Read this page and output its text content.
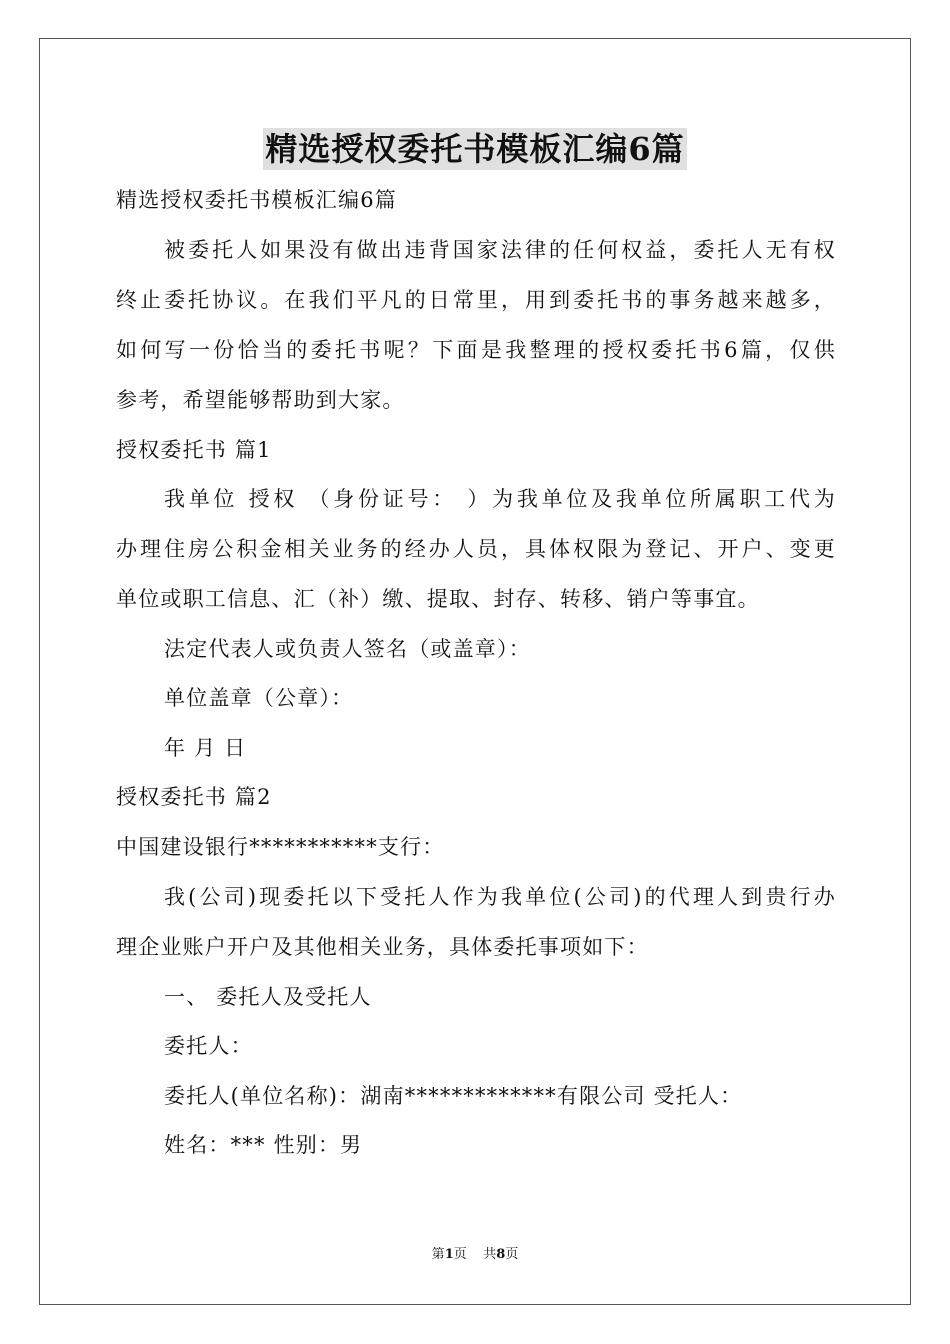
精选授权委托书模板汇编6篇
精选授权委托书模板汇编6篇
被委托人如果没有做出违背国家法律的任何权益，委托人无有权
终止委托协议。在我们平凡的日常里，用到委托书的事务越来越多，
如何写一份恰当的委托书呢？下面是我整理的授权委托书6篇，仅供
参考，希望能够帮助到大家。
授权委托书 篇1
我单位 授权 （身份证号： ）为我单位及我单位所属职工代为
办理住房公积金相关业务的经办人员，具体权限为登记、开户、变更
单位或职工信息、汇（补）缴、提取、封存、转移、销户等事宜。
法定代表人或负责人签名（或盖章）：
单位盖章（公章）：
年 月 日
授权委托书 篇2
中国建设银行***********支行：
我(公司)现委托以下受托人作为我单位(公司)的代理人到贵行办
理企业账户开户及其他相关业务，具体委托事项如下：
一、 委托人及受托人
委托人：
委托人(单位名称)：湖南*************有限公司 受托人：
姓名：*** 性别：男
第1页    共8页
